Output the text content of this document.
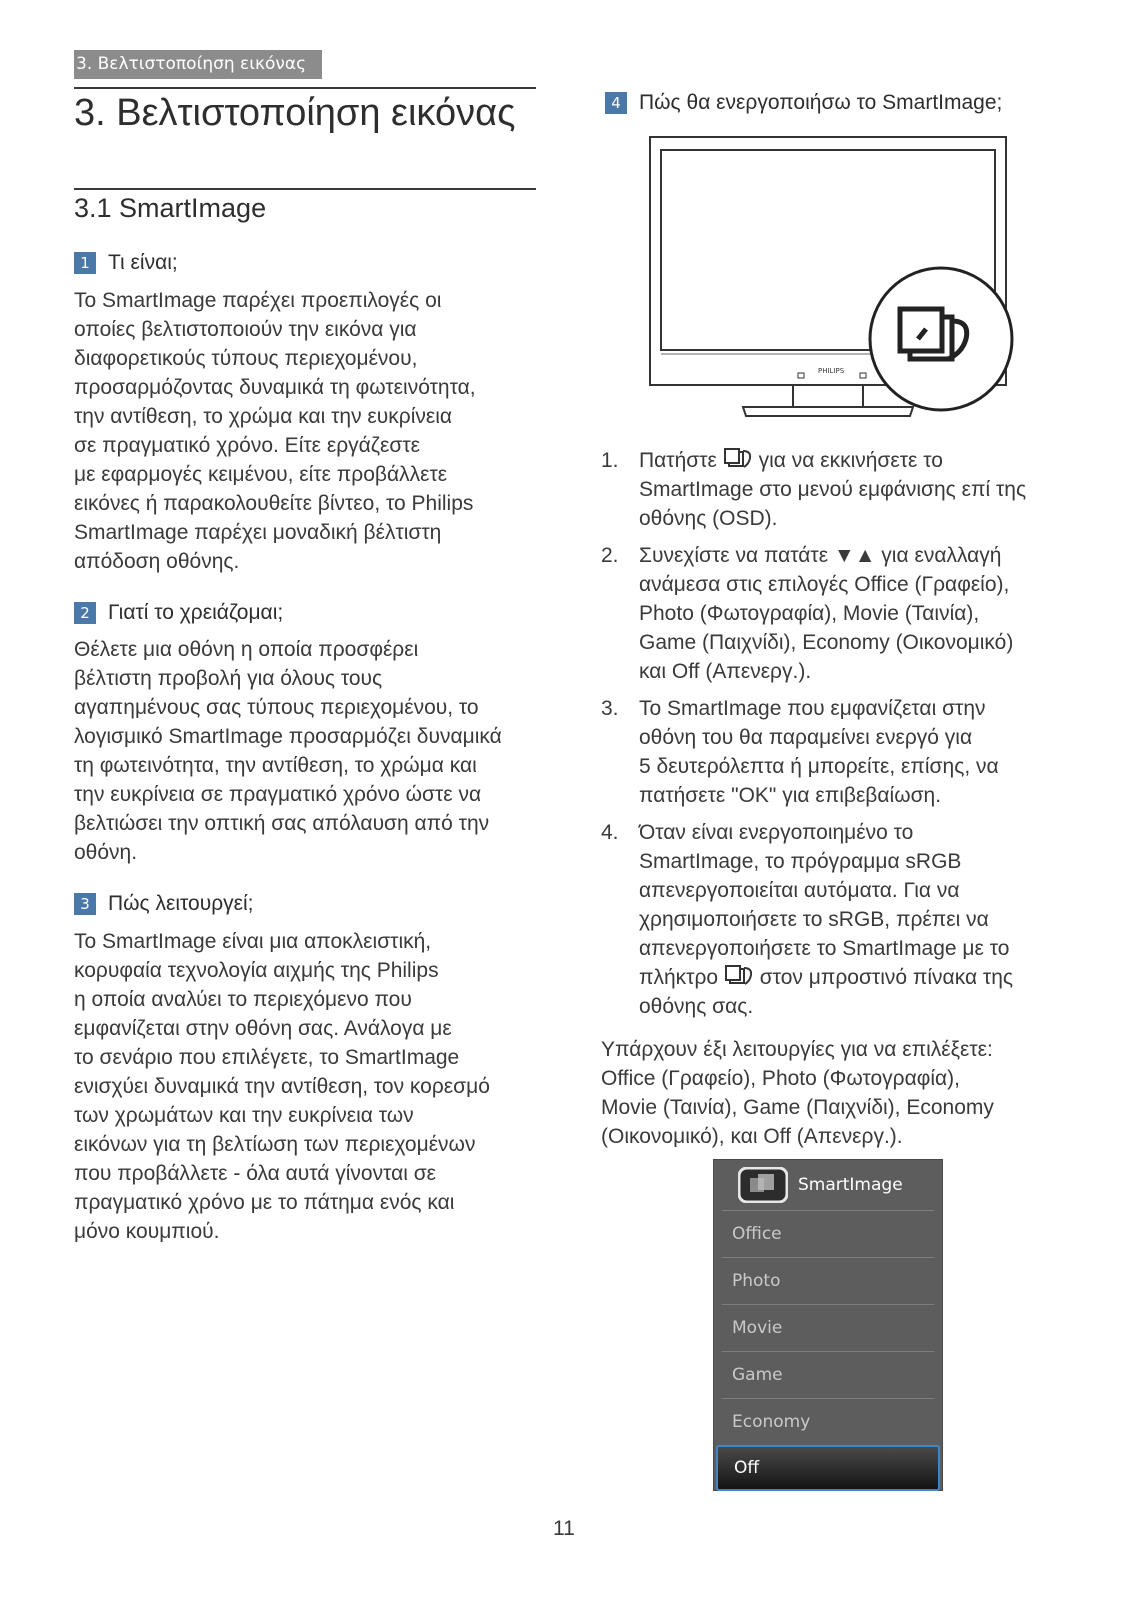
3. Βελτιστοποίηση εικόνας
3. Βελτιστοποίηση εικόνας
3.1 SmartImage
1 Τι είναι;
Το SmartImage παρέχει προεπιλογές οι
οποίες βελτιστοποιούν την εικόνα για
διαφορετικούς τύπους περιεχομένου,
προσαρμόζοντας δυναμικά τη φωτεινότητα,
την αντίθεση, το χρώμα και την ευκρίνεια
σε πραγματικό χρόνο. Είτε εργάζεστε
με εφαρμογές κειμένου, είτε προβάλλετε
εικόνες ή παρακολουθείτε βίντεο, το Philips
SmartImage παρέχει μοναδική βέλτιστη
απόδοση οθόνης.
2 Γιατί το χρειάζομαι;
Θέλετε μια οθόνη η οποία προσφέρει
βέλτιστη προβολή για όλους τους
αγαπημένους σας τύπους περιεχομένου, το
λογισμικό SmartImage προσαρμόζει δυναμικά
τη φωτεινότητα, την αντίθεση, το χρώμα και
την ευκρίνεια σε πραγματικό χρόνο ώστε να
βελτιώσει την οπτική σας απόλαυση από την
οθόνη.
3 Πώς λειτουργεί;
Το SmartImage είναι μια αποκλειστική,
κορυφαία τεχνολογία αιχμής της Philips
η οποία αναλύει το περιεχόμενο που
εμφανίζεται στην οθόνη σας. Ανάλογα με
το σενάριο που επιλέγετε, το SmartImage
ενισχύει δυναμικά την αντίθεση, τον κορεσμό
των χρωμάτων και την ευκρίνεια των
εικόνων για τη βελτίωση των περιεχομένων
που προβάλλετε - όλα αυτά γίνονται σε
πραγματικό χρόνο με το πάτημα ενός και
μόνο κουμπιού.
4 Πώς θα ενεργοποιήσω το SmartImage;
PHILIPS
1. Πατήστε για να εκκινήσετε το
SmartImage στο μενού εμφάνισης επί της
οθόνης (OSD).
2. Συνεχίστε να πατάτε ▼▲ για εναλλαγή
ανάμεσα στις επιλογές Office (Γραφείο),
Photo (Φωτογραφία), Movie (Ταινία),
Game (Παιχνίδι), Economy (Οικονομικό)
και Off (Απενεργ.).
3. Το SmartImage που εμφανίζεται στην
οθόνη του θα παραμείνει ενεργό για
5 δευτερόλεπτα ή μπορείτε, επίσης, να
πατήσετε "OK" για επιβεβαίωση.
4. Όταν είναι ενεργοποιημένο το
SmartImage, το πρόγραμμα sRGB
απενεργοποιείται αυτόματα. Για να
χρησιμοποιήσετε το sRGB, πρέπει να
απενεργοποιήσετε το SmartImage με το
πλήκτρο στον μπροστινό πίνακα της
οθόνης σας.
Υπάρχουν έξι λειτουργίες για να επιλέξετε:
Office (Γραφείο), Photo (Φωτογραφία),
Movie (Ταινία), Game (Παιχνίδι), Economy
(Οικονομικό), και Off (Απενεργ.).
SmartImage
Office
Photo
Movie
Game
Economy
Off
11
